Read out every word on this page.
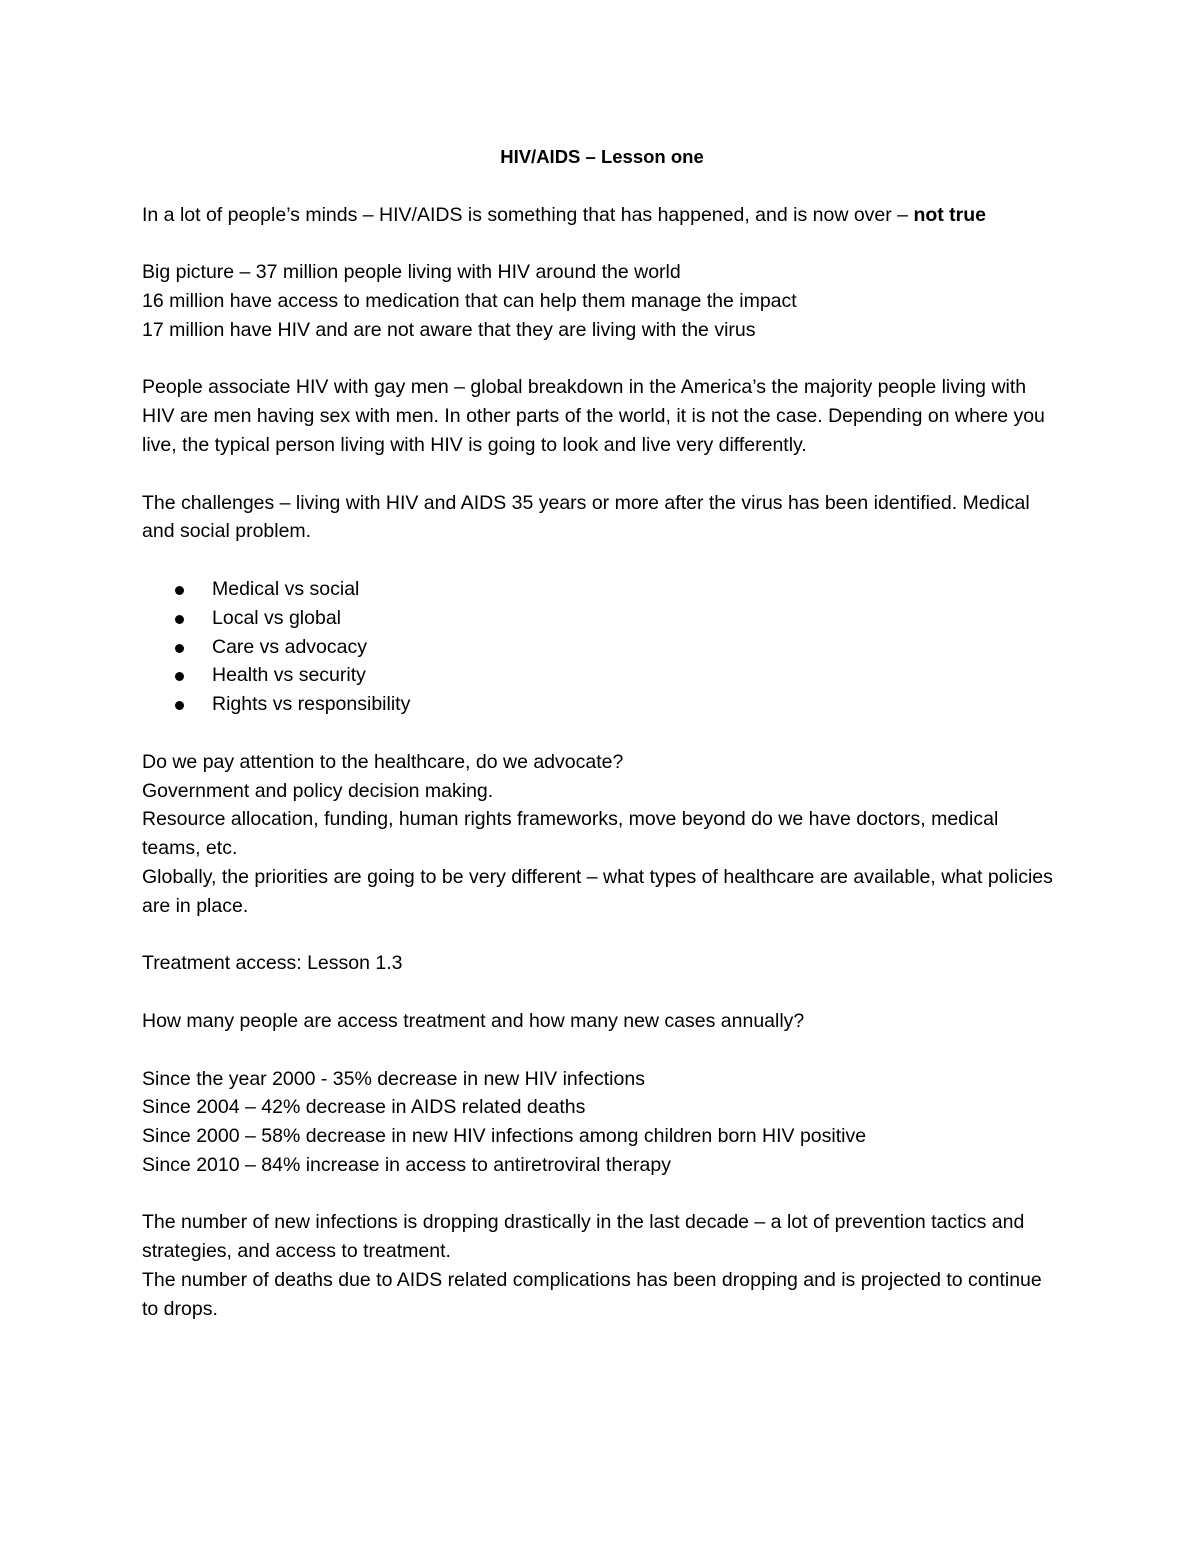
HIV/AIDS – Lesson one

In a lot of people’s minds – HIV/AIDS is something that has happened, and is now over – not true

Big picture – 37 million people living with HIV around the world
16 million have access to medication that can help them manage the impact
17 million have HIV and are not aware that they are living with the virus

People associate HIV with gay men – global breakdown in the America’s the majority people living with HIV are men having sex with men. In other parts of the world, it is not the case. Depending on where you live, the typical person living with HIV is going to look and live very differently.

The challenges – living with HIV and AIDS 35 years or more after the virus has been identified. Medical and social problem.

Medical vs social
Local vs global
Care vs advocacy
Health vs security
Rights vs responsibility

Do we pay attention to the healthcare, do we advocate?
Government and policy decision making.
Resource allocation, funding, human rights frameworks, move beyond do we have doctors, medical teams, etc.
Globally, the priorities are going to be very different – what types of healthcare are available, what policies are in place.

Treatment access: Lesson 1.3

How many people are access treatment and how many new cases annually?

Since the year 2000 - 35% decrease in new HIV infections
Since 2004 – 42% decrease in AIDS related deaths
Since 2000 – 58% decrease in new HIV infections among children born HIV positive
Since 2010 – 84% increase in access to antiretroviral therapy

The number of new infections is dropping drastically in the last decade – a lot of prevention tactics and strategies, and access to treatment.
The number of deaths due to AIDS related complications has been dropping and is projected to continue to drops.
